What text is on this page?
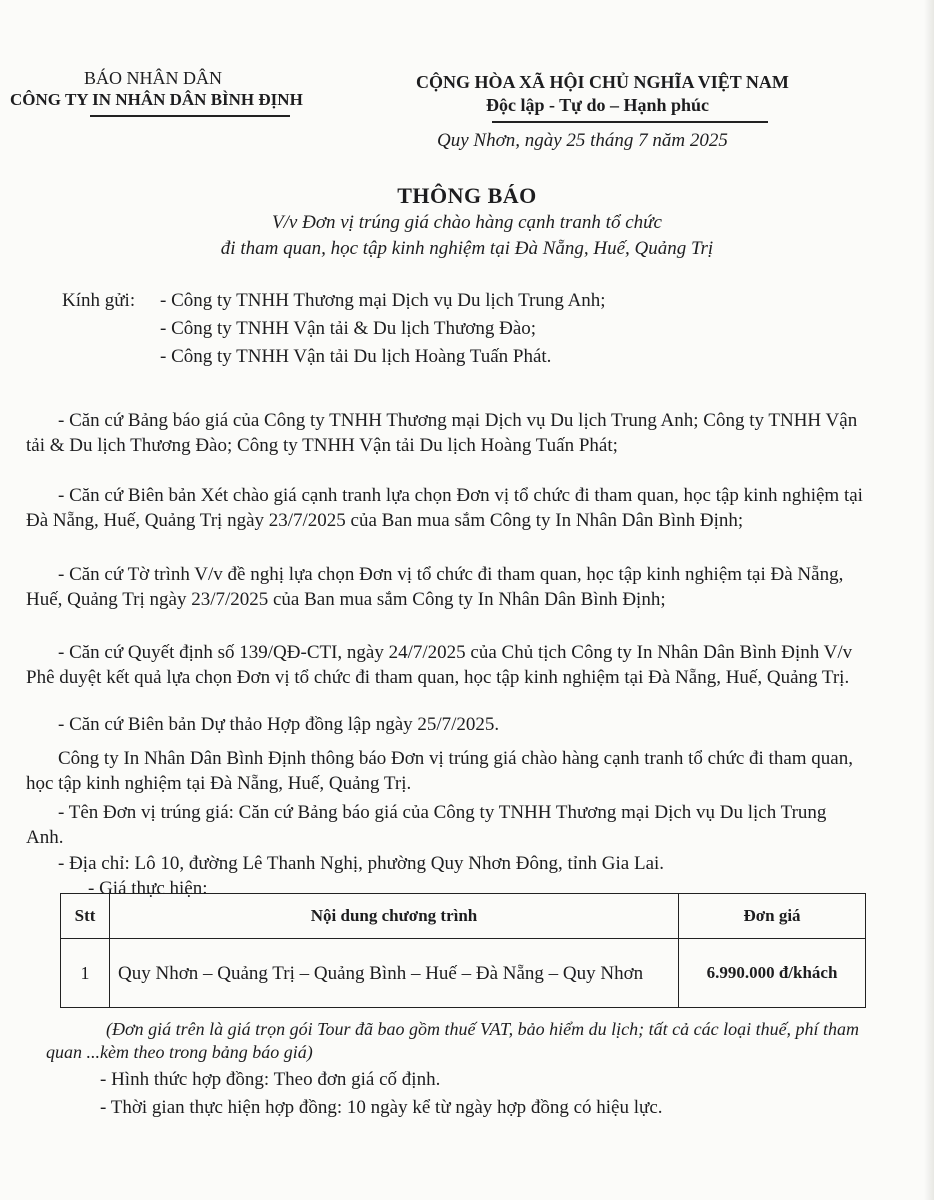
BÁO NHÂN DÂN
CÔNG TY IN NHÂN DÂN BÌNH ĐỊNH
CỘNG HÒA XÃ HỘI CHỦ NGHĨA VIỆT NAM
Độc lập - Tự do – Hạnh phúc
Quy Nhơn, ngày 25 tháng 7 năm 2025
THÔNG BÁO
V/v Đơn vị trúng giá chào hàng cạnh tranh tổ chức
đi tham quan, học tập kinh nghiệm tại Đà Nẵng, Huế, Quảng Trị
Kính gửi: - Công ty TNHH Thương mại Dịch vụ Du lịch Trung Anh;
- Công ty TNHH Vận tải & Du lịch Thương Đào;
- Công ty TNHH Vận tải Du lịch Hoàng Tuấn Phát.
- Căn cứ Bảng báo giá của Công ty TNHH Thương mại Dịch vụ Du lịch Trung Anh; Công ty TNHH Vận tải & Du lịch Thương Đào; Công ty TNHH Vận tải Du lịch Hoàng Tuấn Phát;
- Căn cứ Biên bản Xét chào giá cạnh tranh lựa chọn Đơn vị tổ chức đi tham quan, học tập kinh nghiệm tại Đà Nẵng, Huế, Quảng Trị ngày 23/7/2025 của Ban mua sắm Công ty In Nhân Dân Bình Định;
- Căn cứ Tờ trình V/v đề nghị lựa chọn Đơn vị tổ chức đi tham quan, học tập kinh nghiệm tại Đà Nẵng, Huế, Quảng Trị ngày 23/7/2025 của Ban mua sắm Công ty In Nhân Dân Bình Định;
- Căn cứ Quyết định số 139/QĐ-CTI, ngày 24/7/2025 của Chủ tịch Công ty In Nhân Dân Bình Định V/v Phê duyệt kết quả lựa chọn Đơn vị tổ chức đi tham quan, học tập kinh nghiệm tại Đà Nẵng, Huế, Quảng Trị.
- Căn cứ Biên bản Dự thảo Hợp đồng lập ngày 25/7/2025.
Công ty In Nhân Dân Bình Định thông báo Đơn vị trúng giá chào hàng cạnh tranh tổ chức đi tham quan, học tập kinh nghiệm tại Đà Nẵng, Huế, Quảng Trị.
- Tên Đơn vị trúng giá: Căn cứ Bảng báo giá của Công ty TNHH Thương mại Dịch vụ Du lịch Trung Anh.
- Địa chỉ: Lô 10, đường Lê Thanh Nghị, phường Quy Nhơn Đông, tỉnh Gia Lai.
- Giá thực hiện:
Stt	Nội dung chương trình	Đơn giá
1	Quy Nhơn – Quảng Trị – Quảng Bình – Huế – Đà Nẵng – Quy Nhơn	6.990.000 đ/khách
(Đơn giá trên là giá trọn gói Tour đã bao gồm thuế VAT, bảo hiểm du lịch; tất cả các loại thuế, phí tham quan ...kèm theo trong bảng báo giá)
- Hình thức hợp đồng: Theo đơn giá cố định.
- Thời gian thực hiện hợp đồng: 10 ngày kể từ ngày hợp đồng có hiệu lực.
